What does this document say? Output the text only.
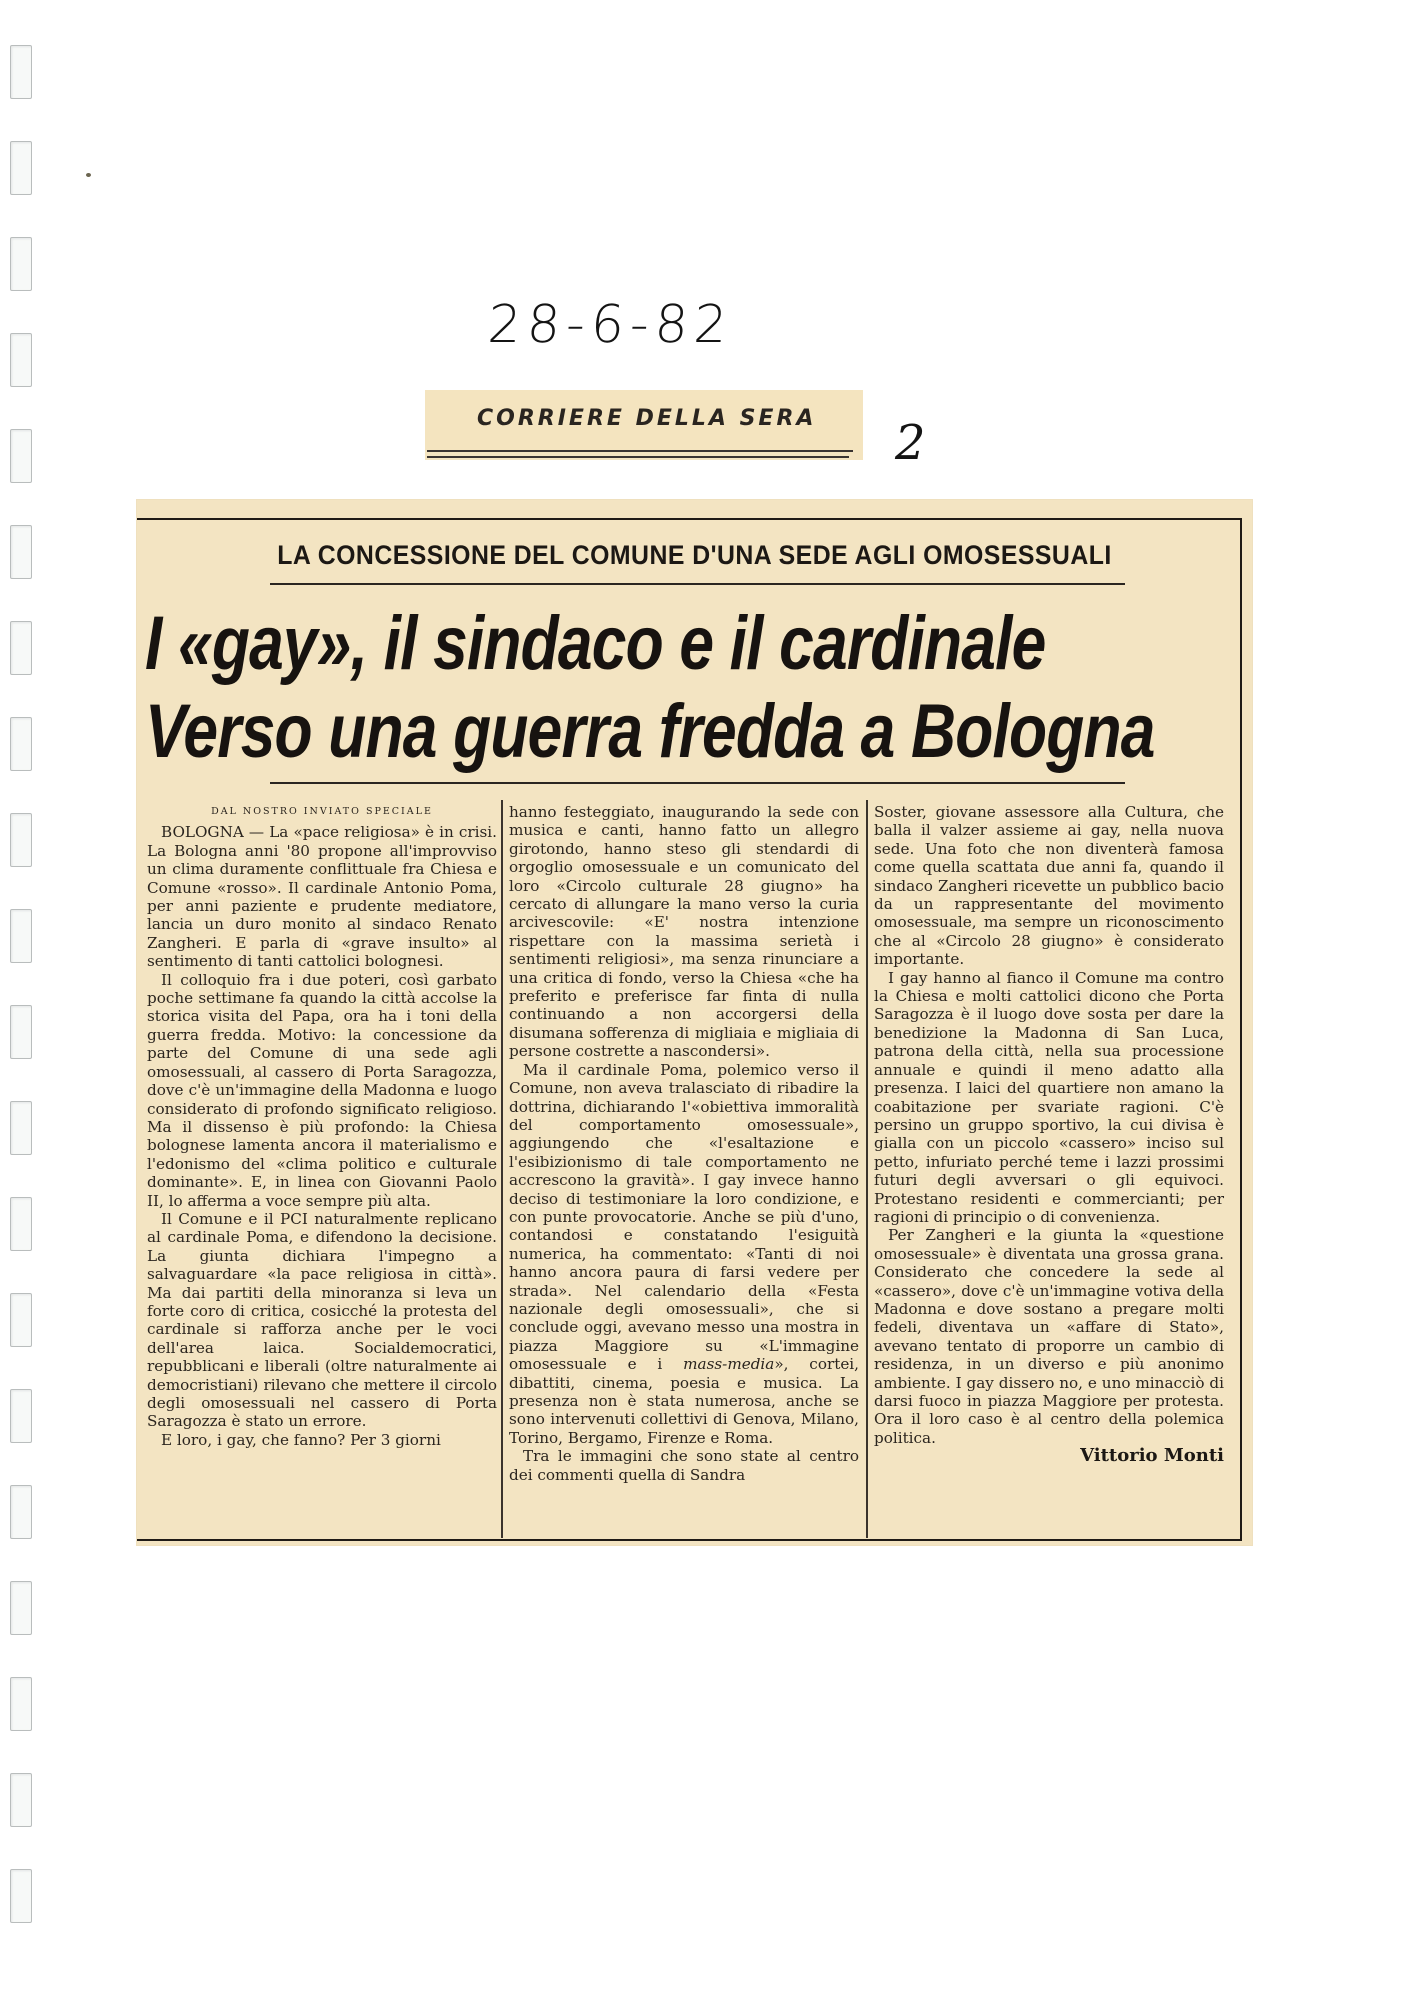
28-6-82
2
CORRIERE DELLA SERA
LA CONCESSIONE DEL COMUNE D'UNA SEDE AGLI OMOSESSUALI
I «gay», il sindaco e il cardinale
Verso una guerra fredda a Bologna

DAL NOSTRO INVIATO SPECIALE

BOLOGNA — La «pace religiosa» è in crisi. La Bologna anni '80 propone all'improvviso un clima duramente conflittuale fra Chiesa e Comune «rosso». Il cardinale Antonio Poma, per anni paziente e prudente mediatore, lancia un duro monito al sindaco Renato Zangheri. E parla di «grave insulto» al sentimento di tanti cattolici bolognesi.

Il colloquio fra i due poteri, così garbato poche settimane fa quando la città accolse la storica visita del Papa, ora ha i toni della guerra fredda. Motivo: la concessione da parte del Comune di una sede agli omosessuali, al cassero di Porta Saragozza, dove c'è un'immagine della Madonna e luogo considerato di profondo significato religioso. Ma il dissenso è più profondo: la Chiesa bolognese lamenta ancora il materialismo e l'edonismo del «clima politico e culturale dominante». E, in linea con Giovanni Paolo II, lo afferma a voce sempre più alta.

Il Comune e il PCI naturalmente replicano al cardinale Poma, e difendono la decisione. La giunta dichiara l'impegno a salvaguardare «la pace religiosa in città». Ma dai partiti della minoranza si leva un forte coro di critica, cosicché la protesta del cardinale si rafforza anche per le voci dell'area laica. Socialdemocratici, repubblicani e liberali (oltre naturalmente ai democristiani) rilevano che mettere il circolo degli omosessuali nel cassero di Porta Saragozza è stato un errore.

E loro, i gay, che fanno? Per 3 giorni

hanno festeggiato, inaugurando la sede con musica e canti, hanno fatto un allegro girotondo, hanno steso gli stendardi di orgoglio omosessuale e un comunicato del loro «Circolo culturale 28 giugno» ha cercato di allungare la mano verso la curia arcivescovile: «E' nostra intenzione rispettare con la massima serietà i sentimenti religiosi», ma senza rinunciare a una critica di fondo, verso la Chiesa «che ha preferito e preferisce far finta di nulla continuando a non accorgersi della disumana sofferenza di migliaia e migliaia di persone costrette a nascondersi».

Ma il cardinale Poma, polemico verso il Comune, non aveva tralasciato di ribadire la dottrina, dichiarando l'«obiettiva immoralità del comportamento omosessuale», aggiungendo che «l'esaltazione e l'esibizionismo di tale comportamento ne accrescono la gravità». I gay invece hanno deciso di testimoniare la loro condizione, e con punte provocatorie. Anche se più d'uno, contandosi e constatando l'esiguità numerica, ha commentato: «Tanti di noi hanno ancora paura di farsi vedere per strada». Nel calendario della «Festa nazionale degli omosessuali», che si conclude oggi, avevano messo una mostra in piazza Maggiore su «L'immagine omosessuale e i mass-media», cortei, dibattiti, cinema, poesia e musica. La presenza non è stata numerosa, anche se sono intervenuti collettivi di Genova, Milano, Torino, Bergamo, Firenze e Roma.

Tra le immagini che sono state al centro dei commenti quella di Sandra

Soster, giovane assessore alla Cultura, che balla il valzer assieme ai gay, nella nuova sede. Una foto che non diventerà famosa come quella scattata due anni fa, quando il sindaco Zangheri ricevette un pubblico bacio da un rappresentante del movimento omosessuale, ma sempre un riconoscimento che al «Circolo 28 giugno» è considerato importante.

I gay hanno al fianco il Comune ma contro la Chiesa e molti cattolici dicono che Porta Saragozza è il luogo dove sosta per dare la benedizione la Madonna di San Luca, patrona della città, nella sua processione annuale e quindi il meno adatto alla presenza. I laici del quartiere non amano la coabitazione per svariate ragioni. C'è persino un gruppo sportivo, la cui divisa è gialla con un piccolo «cassero» inciso sul petto, infuriato perché teme i lazzi prossimi futuri degli avversari o gli equivoci. Protestano residenti e commercianti; per ragioni di principio o di convenienza.

Per Zangheri e la giunta la «questione omosessuale» è diventata una grossa grana. Considerato che concedere la sede al «cassero», dove c'è un'immagine votiva della Madonna e dove sostano a pregare molti fedeli, diventava un «affare di Stato», avevano tentato di proporre un cambio di residenza, in un diverso e più anonimo ambiente. I gay dissero no, e uno minacciò di darsi fuoco in piazza Maggiore per protesta. Ora il loro caso è al centro della polemica politica.

Vittorio Monti
